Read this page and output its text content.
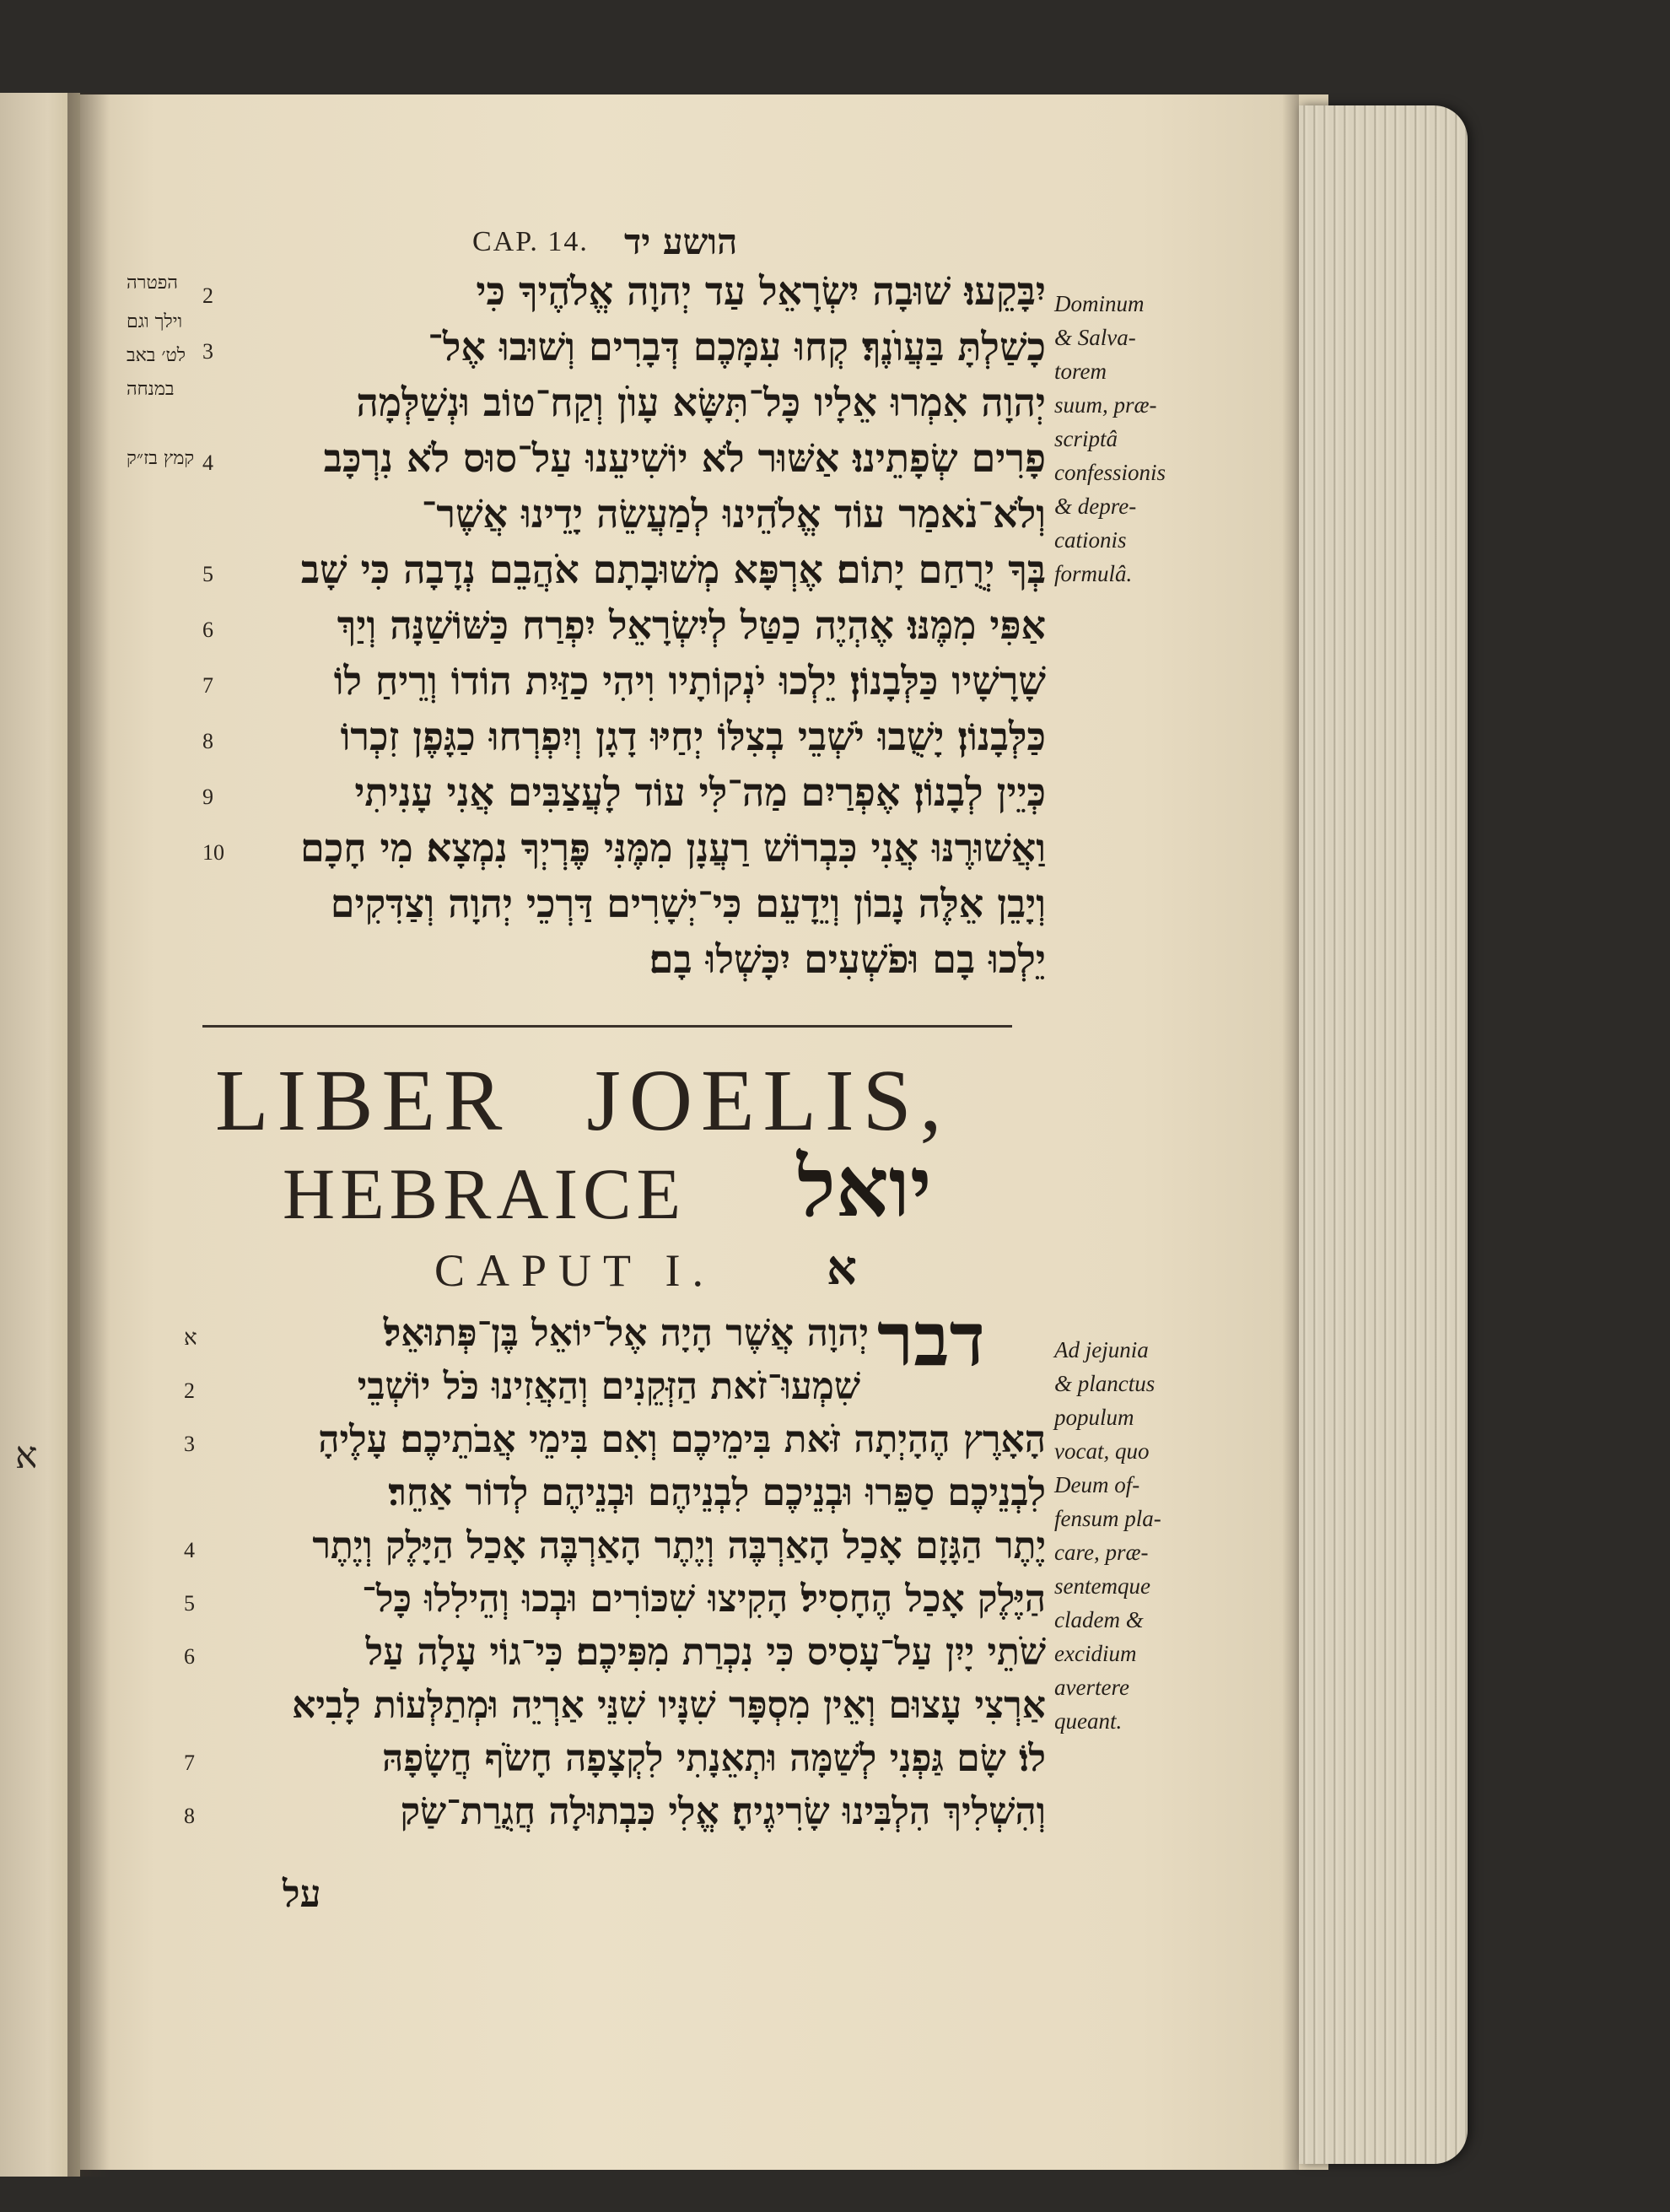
א
CAP. 14. הושע יד
יִבָּקֵעוּ׃ שׁוּבָה יִשְׂרָאֵל עַד יְהוָה אֱלֹהֶיךָ כִּי
2
כָשַׁלְתָּ בַּעֲוֺנֶךָ׃ קְחוּ עִמָּכֶם דְּבָרִים וְשׁוּבוּ אֶל־
3
יְהוָה אִמְרוּ אֵלָיו כָּל־תִּשָּׂא עָוֺן וְקַח־טוֹב וּנְשַׁלְּמָה
פָרִים שְׂפָתֵינוּ׃ אַשּׁוּר לֹא יוֹשִׁיעֵנוּ עַל־סוּס לֹא נִרְכָּב
4
וְלֹא־נֹאמַר עוֹד אֱלֹהֵינוּ לְמַעֲשֵׂה יָדֵינוּ אֲשֶׁר־
בְּךָ יְרֻחַם יָתוֹם׃ אֶרְפָּא מְשׁוּבָתָם אֹהֲבֵם נְדָבָה כִּי שָׁב
5
אַפִּי מִמֶּנּוּ׃ אֶהְיֶה כַטַּל לְיִשְׂרָאֵל יִפְרַח כַּשּׁוֹשַׁנָּה וְיַךְ
6
שָׁרָשָׁיו כַּלְּבָנוֹן׃ יֵלְכוּ יֹנְקוֹתָיו וִיהִי כַזַּיִת הוֹדוֹ וְרֵיחַ לוֹ
7
כַּלְּבָנוֹן׃ יָשֻׁבוּ יֹשְׁבֵי בְצִלּוֹ יְחַיּוּ דָגָן וְיִפְרְחוּ כַגָּפֶן זִכְרוֹ
8
כְּיֵין לְבָנוֹן׃ אֶפְרַיִם מַה־לִּי עוֹד לָעֲצַבִּים אֲנִי עָנִיתִי
9
וַאֲשׁוּרֶנּוּ אֲנִי כִּבְרוֹשׁ רַעֲנָן מִמֶּנִּי פֶּרְיְךָ נִמְצָא׃ מִי חָכָם
10
וְיָבֵן אֵלֶּה נָבוֹן וְיֵדָעֵם כִּי־יְשָׁרִים דַּרְכֵי יְהוָה וְצַדִּקִים
יֵלְכוּ בָם וּפֹשְׁעִים יִכָּשְׁלוּ בָם׃
הפטרה
וילך וגם
לט׳ באב
במנחה
קמץ בז״ק
Dominum
& Salva-
torem
suum, præ-
scriptâ
confessionis
& depre-
cationis
formulâ.
LIBER JOELIS,
HEBRAICE יואל
CAPUT I. א
דבר
יְהוָה אֲשֶׁר הָיָה אֶל־יוֹאֵל בֶּן־פְּתוּאֵל׃
א
שִׁמְעוּ־זֹאת הַזְּקֵנִים וְהַאֲזִינוּ כֹּל יוֹשְׁבֵי
2
הָאָרֶץ הֶהָיְתָה זֹּאת בִּימֵיכֶם וְאִם בִּימֵי אֲבֹתֵיכֶם׃ עָלֶיהָ
3
לִבְנֵיכֶם סַפֵּרוּ וּבְנֵיכֶם לִבְנֵיהֶם וּבְנֵיהֶם לְדוֹר אַחֵר׃
יֶתֶר הַגָּזָם אָכַל הָאַרְבֶּה וְיֶתֶר הָאַרְבֶּה אָכַל הַיָּלֶק וְיֶתֶר
4
הַיֶּלֶק אָכַל הֶחָסִיל׃ הָקִיצוּ שִׁכּוֹרִים וּבְכוּ וְהֵילִלוּ כָּל־
5
שֹׁתֵי יָיִן עַל־עָסִיס כִּי נִכְרַת מִפִּיכֶם׃ כִּי־גוֹי עָלָה עַל
6
אַרְצִי עָצוּם וְאֵין מִסְפָּר שִׁנָּיו שִׁנֵּי אַרְיֵה וּמְתַלְּעוֹת לָבִיא
לוֹ׃ שָׂם גַּפְנִי לְשַׁמָּה וּתְאֵנָתִי לִקְצָפָה חָשֹׂף חֲשָׂפָהּ
7
וְהִשְׁלִיךְ הִלְבִּינוּ שָׂרִיגֶיהָ׃ אֱלִי כִּבְתוּלָה חֲגֻרַת־שַׂק
8
Ad jejunia
& planctus
populum
vocat, quo
Deum of-
fensum pla-
care, præ-
sentemque
cladem &
excidium
avertere
queant.
על
